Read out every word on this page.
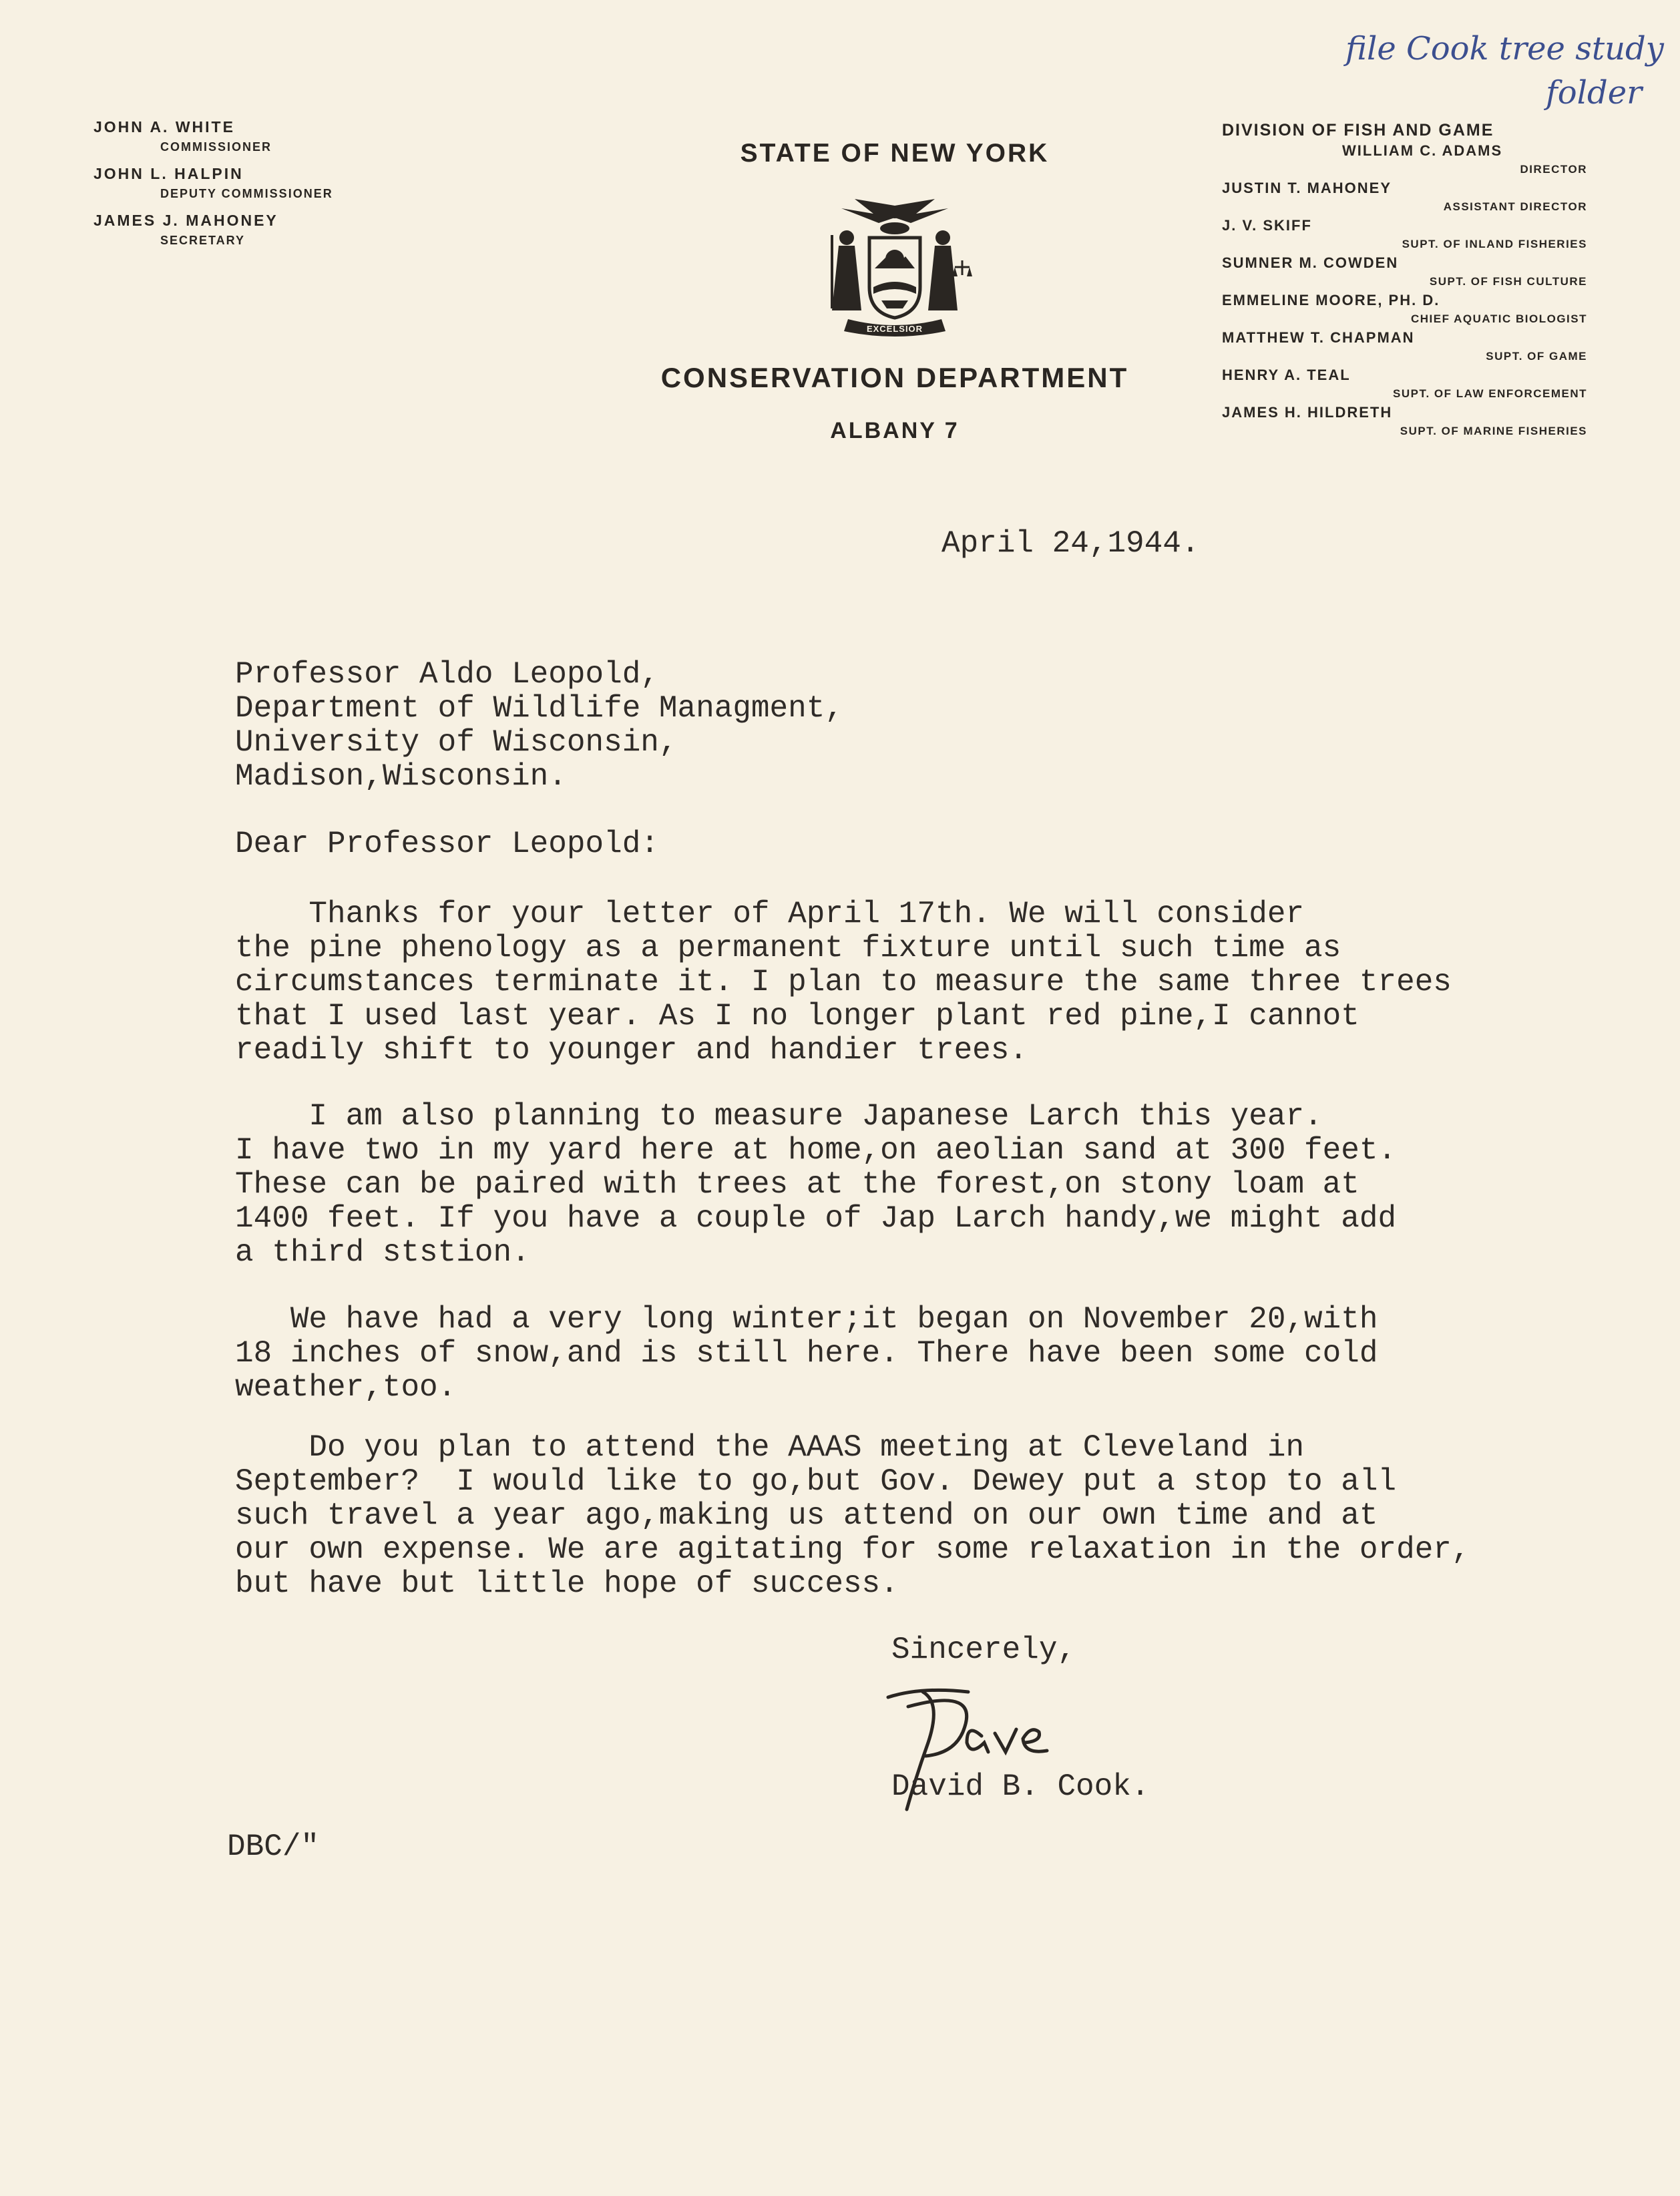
file Cook tree study
folder
JOHN A. WHITE
COMMISSIONER
JOHN L. HALPIN
DEPUTY COMMISSIONER
JAMES J. MAHONEY
SECRETARY
STATE OF NEW YORK
EXCELSIOR
CONSERVATION DEPARTMENT
ALBANY 7
DIVISION OF FISH AND GAME
WILLIAM C. ADAMS
DIRECTOR
JUSTIN T. MAHONEY
ASSISTANT DIRECTOR
J. V. SKIFF
SUPT. OF INLAND FISHERIES
SUMNER M. COWDEN
SUPT. OF FISH CULTURE
EMMELINE MOORE, PH. D.
CHIEF AQUATIC BIOLOGIST
MATTHEW T. CHAPMAN
SUPT. OF GAME
HENRY A. TEAL
SUPT. OF LAW ENFORCEMENT
JAMES H. HILDRETH
SUPT. OF MARINE FISHERIES
April 24,1944.
Professor Aldo Leopold,
Department of Wildlife Managment,
University of Wisconsin,
Madison,Wisconsin.
Dear Professor Leopold:
Thanks for your letter of April 17th. We will consider
the pine phenology as a permanent fixture until such time as
circumstances terminate it. I plan to measure the same three trees
that I used last year. As I no longer plant red pine,I cannot
readily shift to younger and handier trees.
I am also planning to measure Japanese Larch this year.
I have two in my yard here at home,on aeolian sand at 300 feet.
These can be paired with trees at the forest,on stony loam at
1400 feet. If you have a couple of Jap Larch handy,we might add
a third ststion.
We have had a very long winter;it began on November 20,with
18 inches of snow,and is still here. There have been some cold
weather,too.
Do you plan to attend the AAAS meeting at Cleveland in
September?  I would like to go,but Gov. Dewey put a stop to all
such travel a year ago,making us attend on our own time and at
our own expense. We are agitating for some relaxation in the order,
but have but little hope of success.
Sincerely,
David B. Cook.
DBC/"
